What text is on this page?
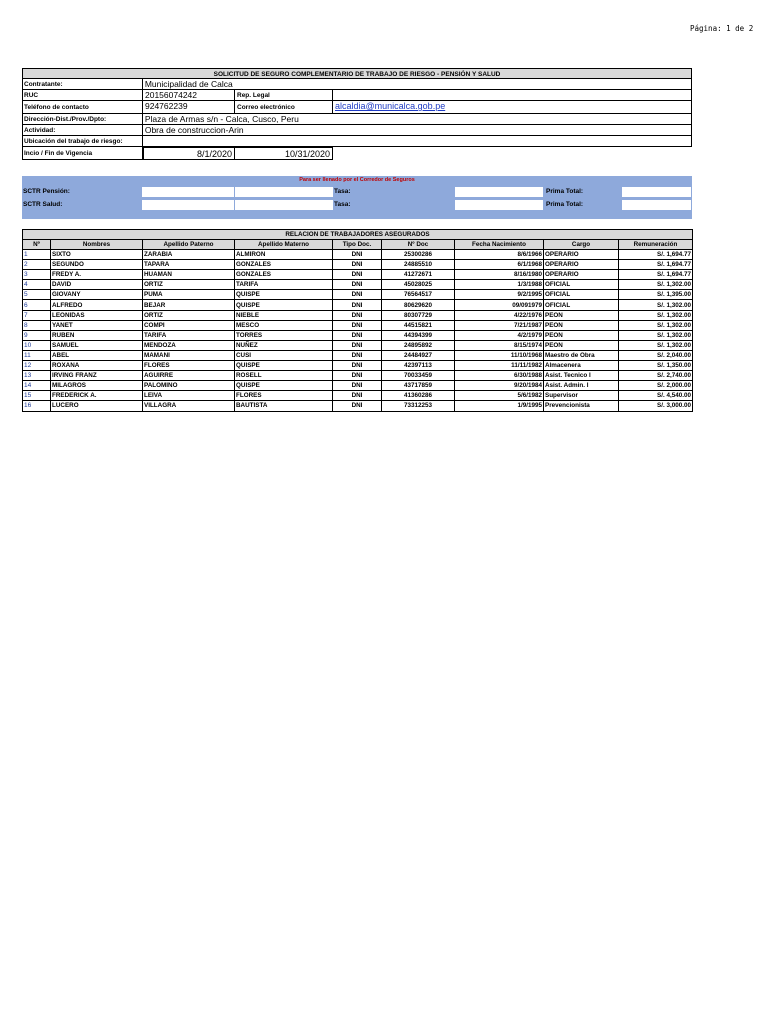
Página: 1 de 2
SOLICITUD DE SEGURO COMPLEMENTARIO DE TRABAJO DE RIESGO - PENSIÓN Y SALUD
Contratante:	Municipalidad de Calca
RUC	20156074242	Rep. Legal
Teléfono de contacto	924762239	Correo electrónico	alcaldia@municalca.gob.pe
Dirección-Dist./Prov./Dpto:	Plaza de Armas s/n - Calca, Cusco, Peru
Actividad:	Obra de construccion-Arin
Ubicación del trabajo de riesgo:
Incio / Fin de Vigencia	8/1/2020	10/31/2020
Para ser llenado por el Corredor de Seguros
SCTR Pensión:	Tasa:	Prima Total:
SCTR Salud:	Tasa:	Prima Total:
RELACION DE TRABAJADORES ASEGURADOS								
Nº	Nombres	Apellido Paterno	Apellido Materno	Tipo Doc.	Nº Doc	Fecha Nacimiento	Cargo	Remuneración
1	SIXTO	ZARABIA	ALMIRON	DNI	25300286	8/6/1966	OPERARIO	S/. 1,694.77
2	SEGUNDO	TAPARA	GONZALES	DNI	24885510	6/1/1968	OPERARIO	S/. 1,694.77
3	FREDY A.	HUAMAN	GONZALES	DNI	41272671	8/16/1980	OPERARIO	S/. 1,694.77
4	DAVID	ORTIZ	TARIFA	DNI	45028025	1/3/1988	OFICIAL	S/. 1,302.00
5	GIOVANY	PUMA	QUISPE	DNI	76564517	9/2/1995	OFICIAL	S/. 1,395.00
6	ALFREDO	BEJAR	QUISPE	DNI	80629620	09/091979	OFICIAL	S/. 1,302.00
7	LEONIDAS	ORTIZ	NIEBLE	DNI	80307729	4/22/1976	PEON	S/. 1,302.00
8	YANET	COMPI	MESCO	DNI	44515821	7/21/1987	PEON	S/. 1,302.00
9	RUBEN	TARIFA	TORRES	DNI	44394399	4/2/1979	PEON	S/. 1,302.00
10	SAMUEL	MENDOZA	NUÑEZ	DNI	24895892	8/15/1974	PEON	S/. 1,302.00
11	ABEL	MAMANI	CUSI	DNI	24484927	11/10/1968	Maestro de Obra	S/. 2,040.00
12	ROXANA	FLORES	QUISPE	DNI	42397113	11/11/1982	Almacenera	S/. 1,350.00
13	IRVING FRANZ	AGUIRRE	ROSELL	DNI	70033459	6/30/1988	Asist. Tecnico I	S/. 2,740.00
14	MILAGROS	PALOMINO	QUISPE	DNI	43717859	9/20/1984	Asist. Admin. I	S/. 2,000.00
15	FREDERICK A.	LEIVA	FLORES	DNI	41360286	5/6/1982	Supervisor	S/. 4,540.00
16	LUCERO	VILLAGRA	BAUTISTA	DNI	73312253	1/9/1995	Prevencionista	S/. 3,000.00
